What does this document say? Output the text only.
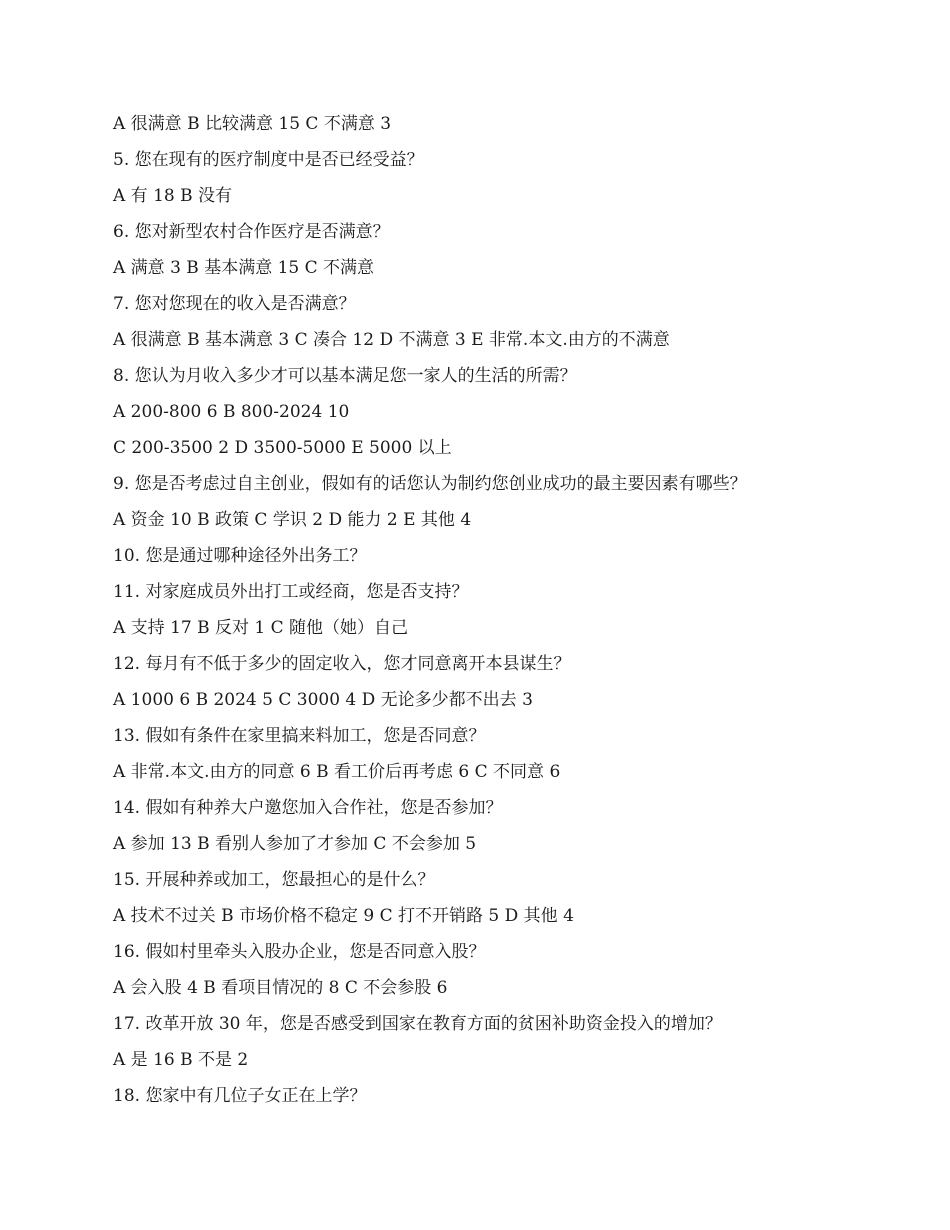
A 很满意 B 比较满意 15 C 不满意 3
5. 您在现有的医疗制度中是否已经受益？
A 有 18 B 没有
6. 您对新型农村合作医疗是否满意？
A 满意 3 B 基本满意 15 C 不满意
7. 您对您现在的收入是否满意？
A 很满意 B 基本满意 3 C 凑合 12 D 不满意 3 E 非常.本文.由方的不满意
8. 您认为月收入多少才可以基本满足您一家人的生活的所需？
A 200-800 6 B 800-2024 10
C 200-3500 2 D 3500-5000 E 5000 以上
9. 您是否考虑过自主创业，假如有的话您认为制约您创业成功的最主要因素有哪些？
A 资金 10 B 政策 C 学识 2 D 能力 2 E 其他 4
10. 您是通过哪种途径外出务工？
11. 对家庭成员外出打工或经商，您是否支持？
A 支持 17 B 反对 1 C 随他（她）自己
12. 每月有不低于多少的固定收入，您才同意离开本县谋生？
A 1000 6 B 2024 5 C 3000 4 D 无论多少都不出去 3
13. 假如有条件在家里搞来料加工，您是否同意？
A 非常.本文.由方的同意 6 B 看工价后再考虑 6 C 不同意 6
14. 假如有种养大户邀您加入合作社，您是否参加？
A 参加 13 B 看别人参加了才参加 C 不会参加 5
15. 开展种养或加工，您最担心的是什么？
A 技术不过关 B 市场价格不稳定 9 C 打不开销路 5 D 其他 4
16. 假如村里牵头入股办企业，您是否同意入股？
A 会入股 4 B 看项目情况的 8 C 不会参股 6
17. 改革开放 30 年，您是否感受到国家在教育方面的贫困补助资金投入的增加？
A 是 16 B 不是 2
18. 您家中有几位子女正在上学？
